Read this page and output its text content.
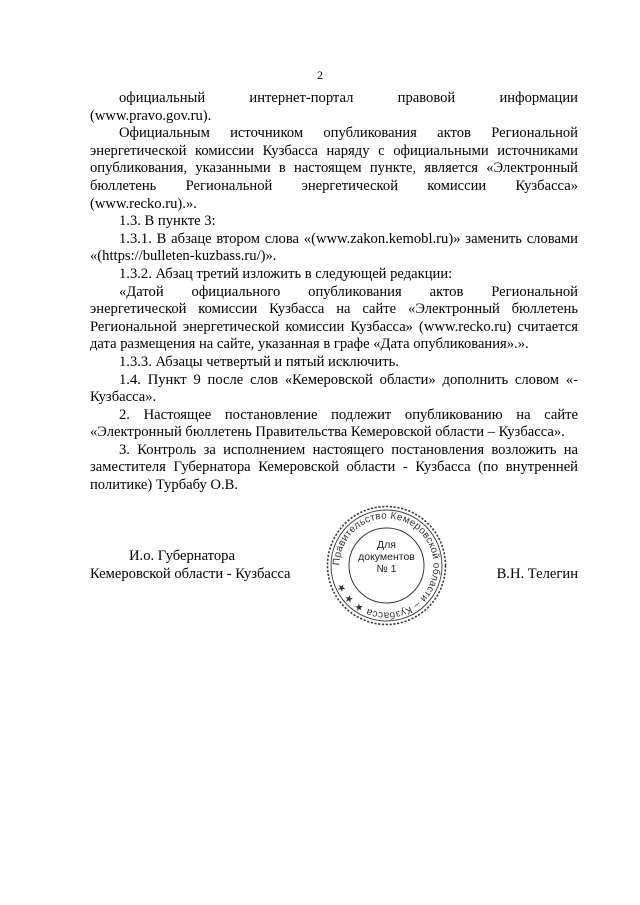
2

официальный интернет-портал правовой информации (www.pravo.gov.ru).

Официальным источником опубликования актов Региональной энергетической комиссии Кузбасса наряду с официальными источниками опубликования, указанными в настоящем пункте, является «Электронный бюллетень Региональной энергетической комиссии Кузбасса» (www.recko.ru).».

1.3. В пункте 3:

1.3.1. В абзаце втором слова «(www.zakon.kemobl.ru)» заменить словами «(https://bulleten-kuzbass.ru/)».

1.3.2. Абзац третий изложить в следующей редакции:

«Датой официального опубликования актов Региональной энергетической комиссии Кузбасса на сайте «Электронный бюллетень Региональной энергетической комиссии Кузбасса» (www.recko.ru) считается дата размещения на сайте, указанная в графе «Дата опубликования».».

1.3.3. Абзацы четвертый и пятый исключить.

1.4. Пункт 9 после слов «Кемеровской области» дополнить словом «- Кузбасса».

2. Настоящее постановление подлежит опубликованию на сайте «Электронный бюллетень Правительства Кемеровской области – Кузбасса».

3. Контроль за исполнением настоящего постановления возложить на заместителя Губернатора Кемеровской области - Кузбасса (по внутренней политике) Турбабу О.В.

И.о. Губернатора
Кемеровской области - Кузбасса	В.Н. Телегин
Правительство Кемеровской области – Кузбасса ★ ★ ★
Для
документов
№ 1
